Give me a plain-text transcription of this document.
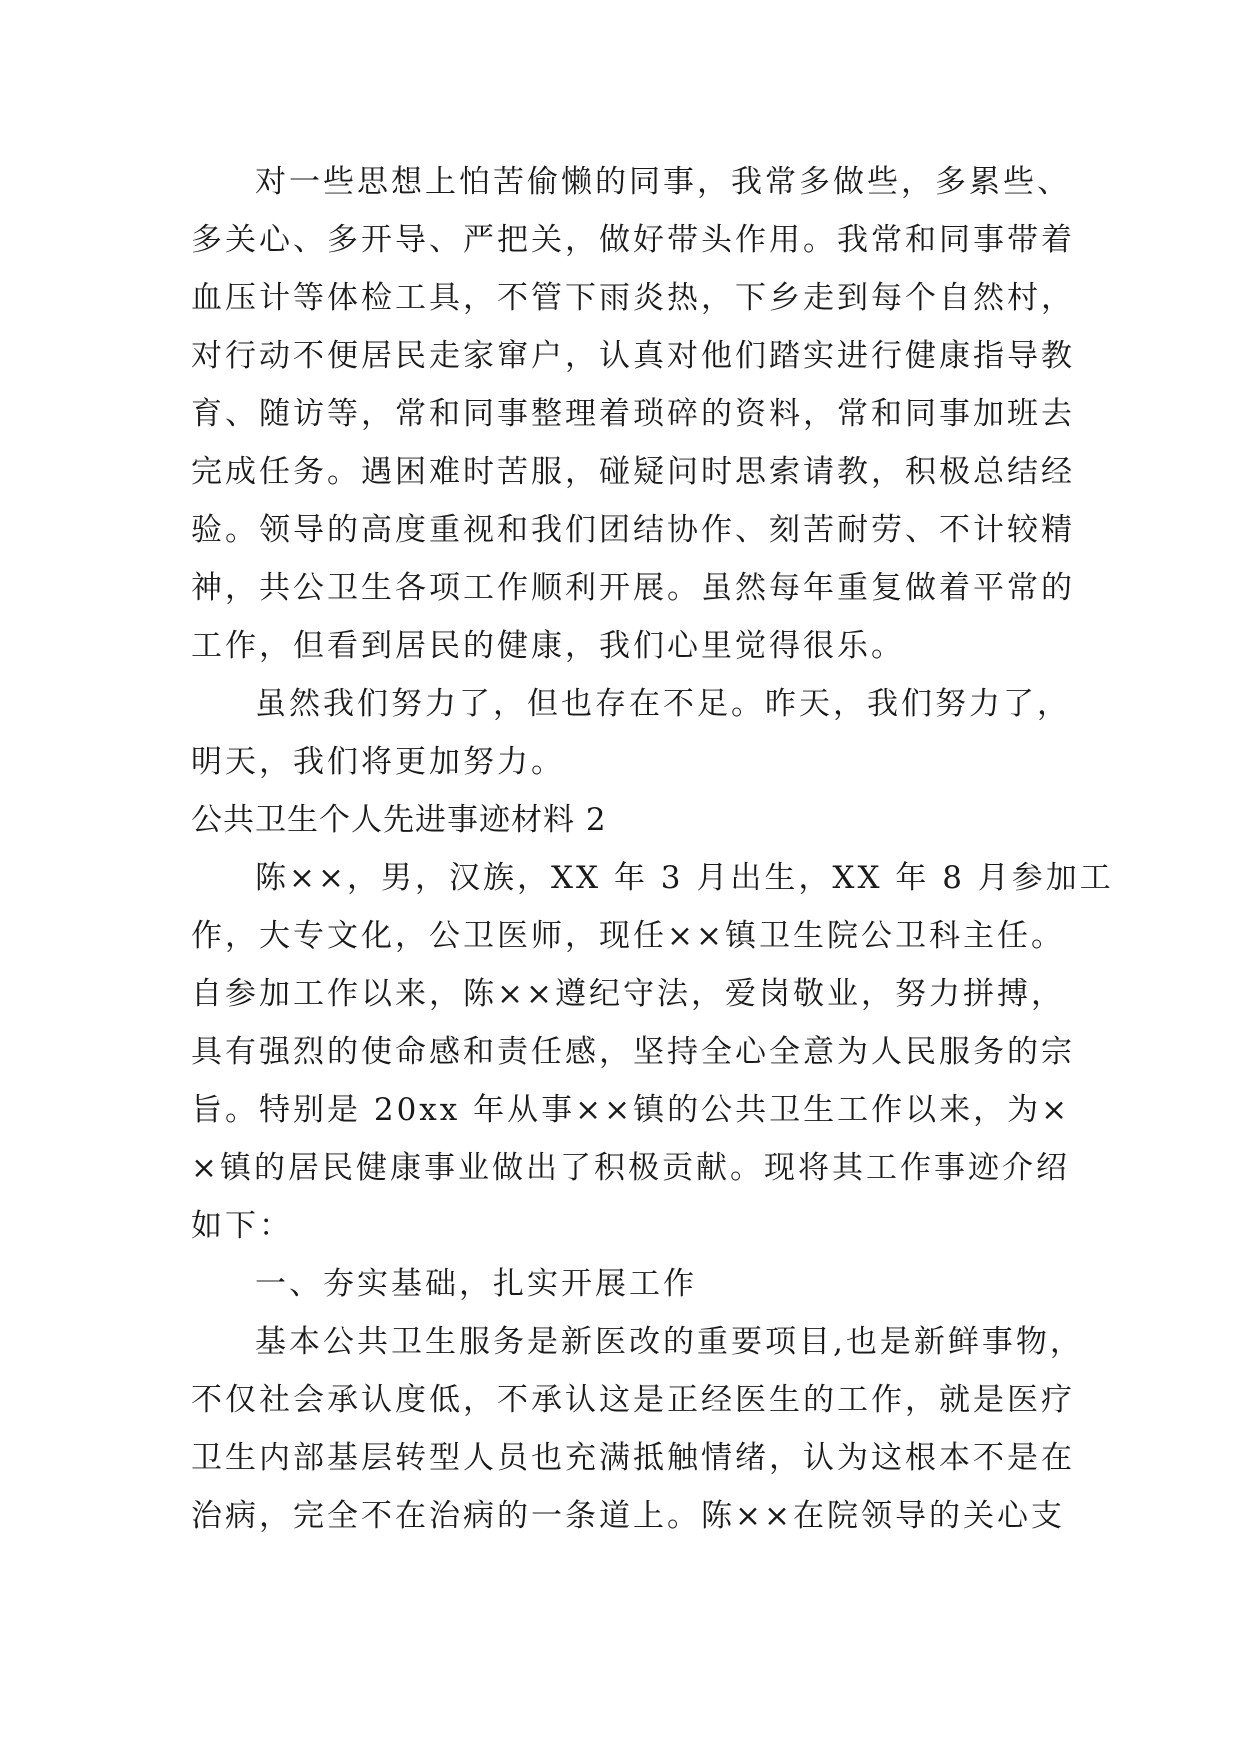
对一些思想上怕苦偷懒的同事，我常多做些，多累些、
多关心、多开导、严把关，做好带头作用。我常和同事带着
血压计等体检工具，不管下雨炎热，下乡走到每个自然村，
对行动不便居民走家窜户，认真对他们踏实进行健康指导教
育、随访等，常和同事整理着琐碎的资料，常和同事加班去
完成任务。遇困难时苦服，碰疑问时思索请教，积极总结经
验。领导的高度重视和我们团结协作、刻苦耐劳、不计较精
神，共公卫生各项工作顺利开展。虽然每年重复做着平常的
工作，但看到居民的健康，我们心里觉得很乐。
虽然我们努力了，但也存在不足。昨天，我们努力了，
明天，我们将更加努力。
公共卫生个人先进事迹材料 2
陈××，男，汉族，XX 年 3 月出生，XX 年 8 月参加工
作，大专文化，公卫医师，现任××镇卫生院公卫科主任。
自参加工作以来，陈××遵纪守法，爱岗敬业，努力拼搏，
具有强烈的使命感和责任感，坚持全心全意为人民服务的宗
旨。特别是 20xx 年从事××镇的公共卫生工作以来，为×
×镇的居民健康事业做出了积极贡献。现将其工作事迹介绍
如下：
一、夯实基础，扎实开展工作
基本公共卫生服务是新医改的重要项目,也是新鲜事物，
不仅社会承认度低，不承认这是正经医生的工作，就是医疗
卫生内部基层转型人员也充满抵触情绪，认为这根本不是在
治病，完全不在治病的一条道上。陈××在院领导的关心支
